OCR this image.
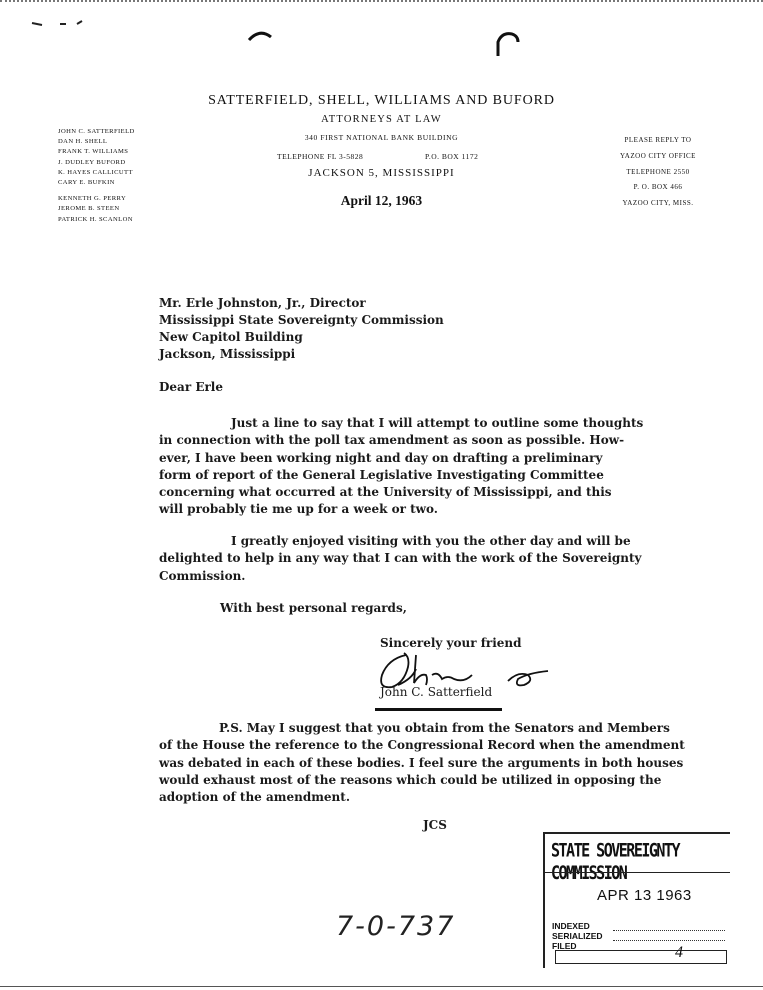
SATTERFIELD, SHELL, WILLIAMS AND BUFORD
ATTORNEYS AT LAW
340 FIRST NATIONAL BANK BUILDING
TELEPHONE FL 3-5828	P.O. BOX 1172
JACKSON 5, MISSISSIPPI
JOHN C. SATTERFIELD
DAN H. SHELL
FRANK T. WILLIAMS
J. DUDLEY BUFORD
K. HAYES CALLICUTT
CARY E. BUFKIN
KENNETH G. PERRY
JEROME B. STEEN
PATRICK H. SCANLON
PLEASE REPLY TO
YAZOO CITY OFFICE
TELEPHONE 2550
P. O. BOX 466
YAZOO CITY, MISS.
April 12, 1963
Mr. Erle Johnston, Jr., Director
Mississippi State Sovereignty Commission
New Capitol Building
Jackson, Mississippi
Dear Erle
Just a line to say that I will attempt to outline some thoughts
in connection with the poll tax amendment as soon as possible. How-
ever, I have been working night and day on drafting a preliminary
form of report of the General Legislative Investigating Committee
concerning what occurred at the University of Mississippi, and this
will probably tie me up for a week or two.
I greatly enjoyed visiting with you the other day and will be
delighted to help in any way that I can with the work of the Sovereignty
Commission.
With best personal regards,
Sincerely your friend
John C. Satterfield
P.S. May I suggest that you obtain from the Senators and Members
of the House the reference to the Congressional Record when the amendment
was debated in each of these bodies. I feel sure the arguments in both houses
would exhaust most of the reasons which could be utilized in opposing the
adoption of the amendment.
JCS
STATE SOVEREIGNTY COMMISSION
APR 13 1963
INDEXED
SERIALIZED
FILED	4
7-0-737
